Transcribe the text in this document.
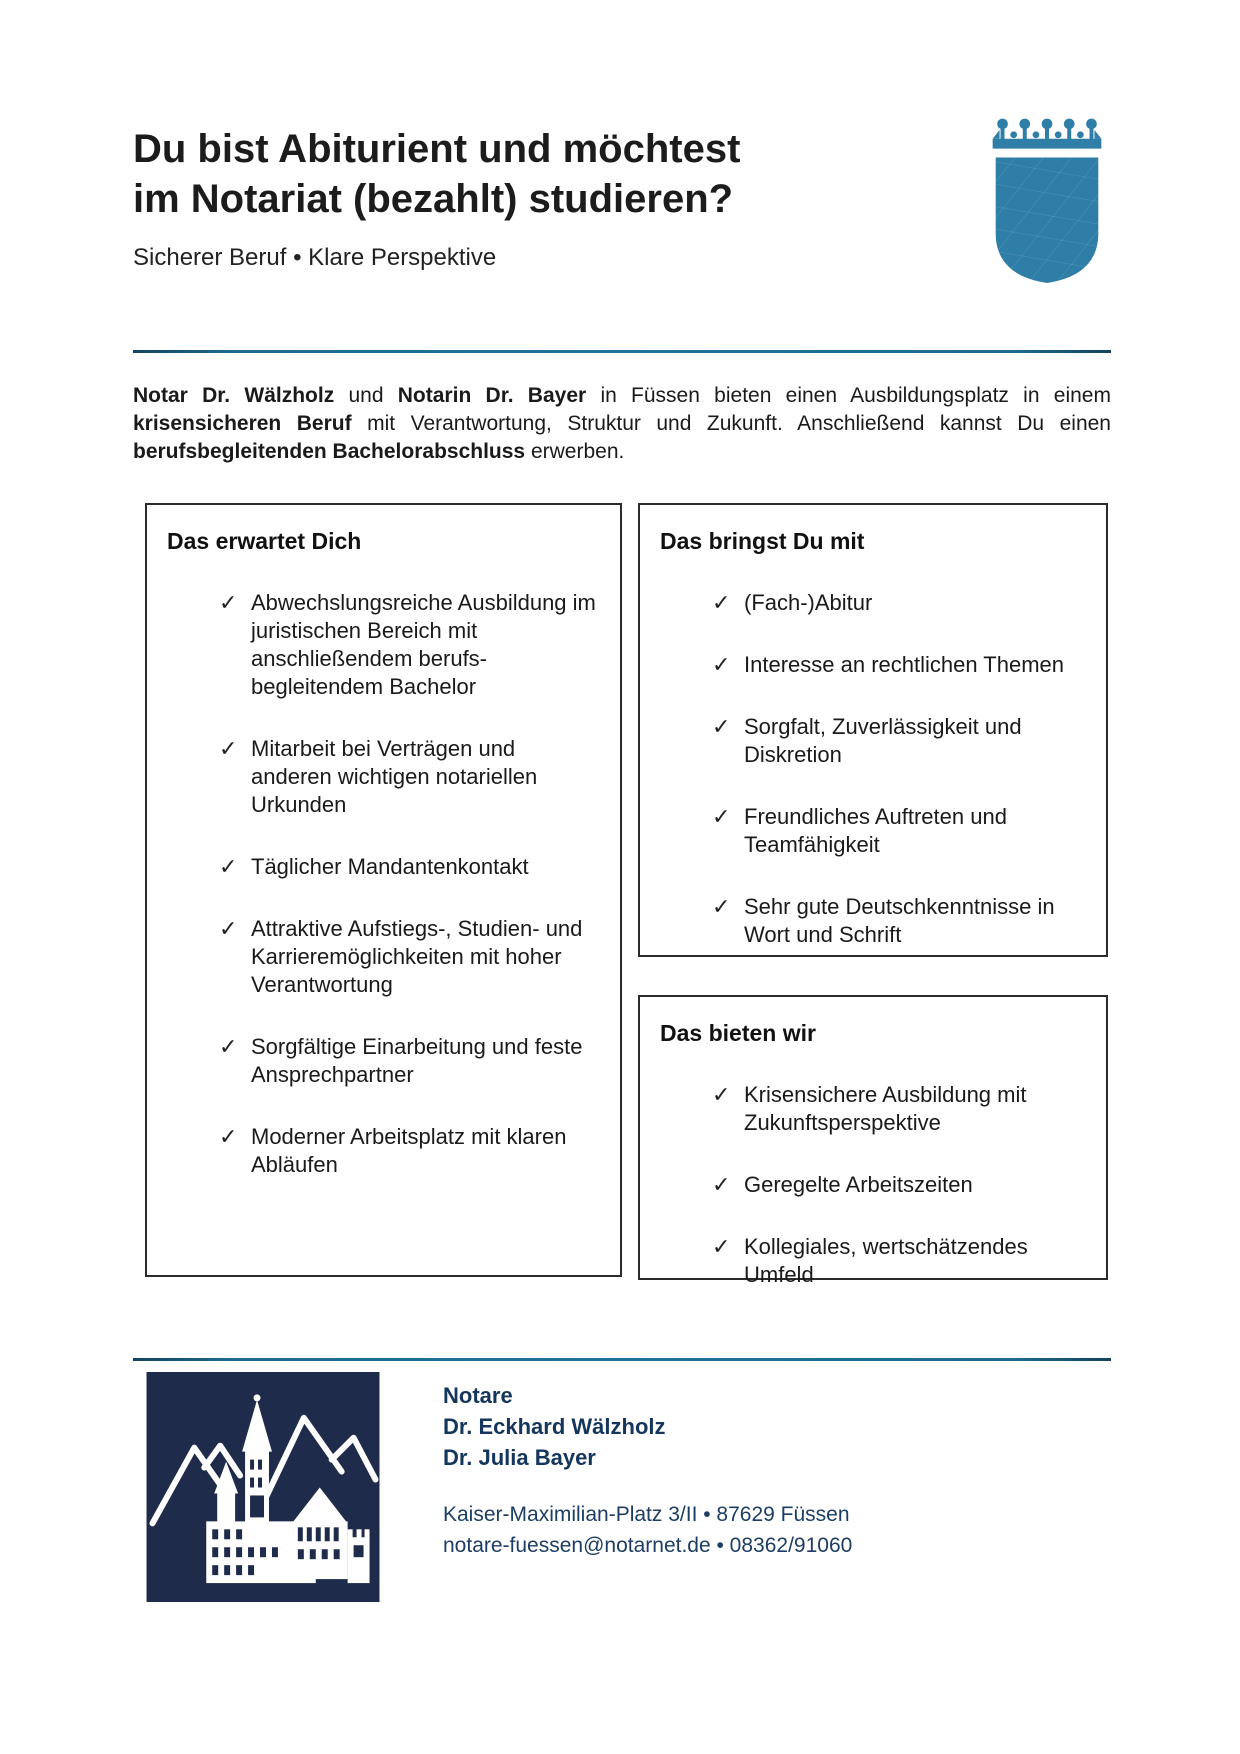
Du bist Abiturient und möchtest
im Notariat (bezahlt) studieren?
Sicherer Beruf • Klare Perspektive
Notar Dr. Wälzholz und Notarin Dr. Bayer in Füssen bieten einen Ausbildungsplatz in einem krisensicheren Beruf mit Verantwortung, Struktur und Zukunft. Anschließend kannst Du einen berufsbegleitenden Bachelorabschluss erwerben.
Das erwartet Dich
✓ Abwechslungsreiche Ausbildung im juristischen Bereich mit anschließendem berufs-begleitendem Bachelor
✓ Mitarbeit bei Verträgen und anderen wichtigen notariellen Urkunden
✓ Täglicher Mandantenkontakt
✓ Attraktive Aufstiegs-, Studien- und Karrieremöglichkeiten mit hoher Verantwortung
✓ Sorgfältige Einarbeitung und feste Ansprechpartner
✓ Moderner Arbeitsplatz mit klaren Abläufen
Das bringst Du mit
✓ (Fach-)Abitur
✓ Interesse an rechtlichen Themen
✓ Sorgfalt, Zuverlässigkeit und Diskretion
✓ Freundliches Auftreten und Teamfähigkeit
✓ Sehr gute Deutschkenntnisse in Wort und Schrift
Das bieten wir
✓ Krisensichere Ausbildung mit Zukunftsperspektive
✓ Geregelte Arbeitszeiten
✓ Kollegiales, wertschätzendes Umfeld
Notare
Dr. Eckhard Wälzholz
Dr. Julia Bayer
Kaiser-Maximilian-Platz 3/II • 87629 Füssen
notare-fuessen@notarnet.de • 08362/91060
